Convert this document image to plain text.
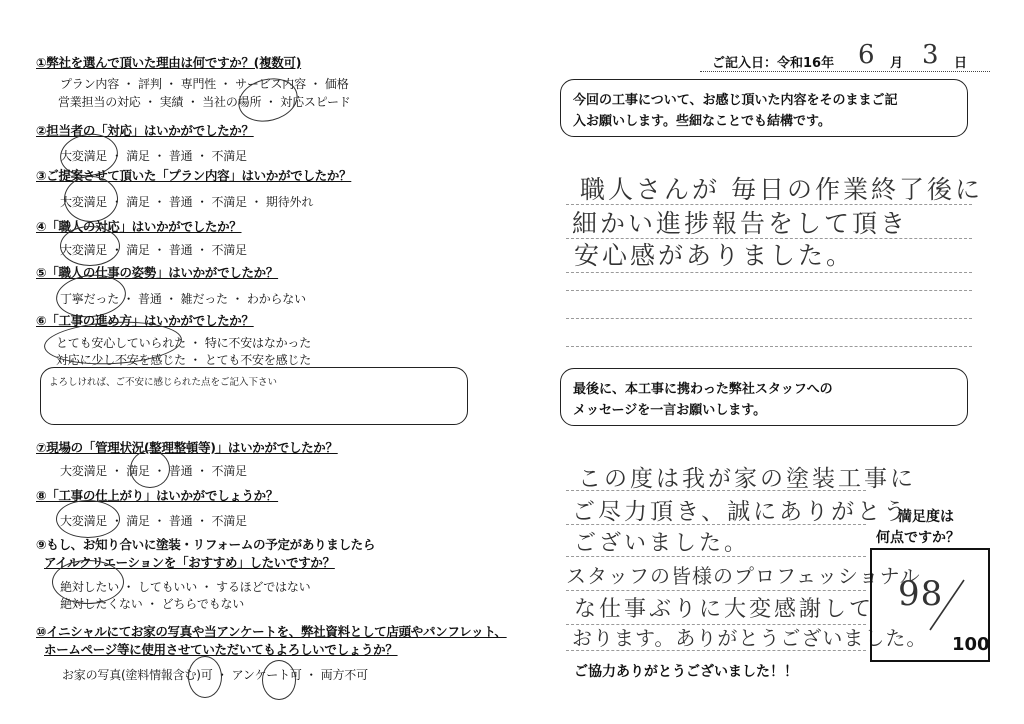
①弊社を選んで頂いた理由は何ですか？(複数可)
プラン内容 ・ 評判 ・ 専門性 ・ サービス内容 ・ 価格
営業担当の対応 ・ 実績 ・ 当社の場所 ・ 対応スピード
②担当者の「対応」はいかがでしたか？
大変満足 ・ 満足 ・ 普通 ・ 不満足
③ご提案させて頂いた「プラン内容」はいかがでしたか？
大変満足 ・ 満足 ・ 普通 ・ 不満足 ・ 期待外れ
④「職人の対応」はいかがでしたか？
大変満足 ・ 満足 ・ 普通 ・ 不満足
⑤「職人の仕事の姿勢」はいかがでしたか？
丁寧だった ・ 普通 ・ 雑だった ・ わからない
⑥「工事の進め方」はいかがでしたか？
とても安心していられた ・ 特に不安はなかった
対応に少し不安を感じた ・ とても不安を感じた
よろしければ、ご不安に感じられた点をご記入下さい
⑦現場の「管理状況(整理整頓等)」はいかがでしたか？
大変満足 ・ 満足 ・ 普通 ・ 不満足
⑧「工事の仕上がり」はいかがでしょうか？
大変満足 ・ 満足 ・ 普通 ・ 不満足
⑨もし、お知り合いに塗装・リフォームの予定がありましたら
アイルクリエーションを「おすすめ」したいですか？
絶対したい ・ してもいい ・ するほどではない
絶対したくない ・ どちらでもない
⑩イニシャルにてお家の写真や当アンケートを、弊社資料として店頭やパンフレット、
ホームページ等に使用させていただいてもよろしいでしょうか？
お家の写真(塗料情報含む)可 ・ アンケート可 ・ 両方不可
ご記入日：令和16年 6 月 3 日
今回の工事について、お感じ頂いた内容をそのままご記
入お願いします。些細なことでも結構です。
職人さんが 毎日の作業終了後に
細かい進捗報告をして頂き
安心感がありました。
最後に、本工事に携わった弊社スタッフへの
メッセージを一言お願いします。
この度は我が家の塗装工事に
ご尽力頂き、誠にありがとう
ございました。
スタッフの皆様のプロフェッショナル
な仕事ぶりに大変感謝して
おります。ありがとうございました。
ご協力ありがとうございました！！
満足度は
何点ですか？
98
100
